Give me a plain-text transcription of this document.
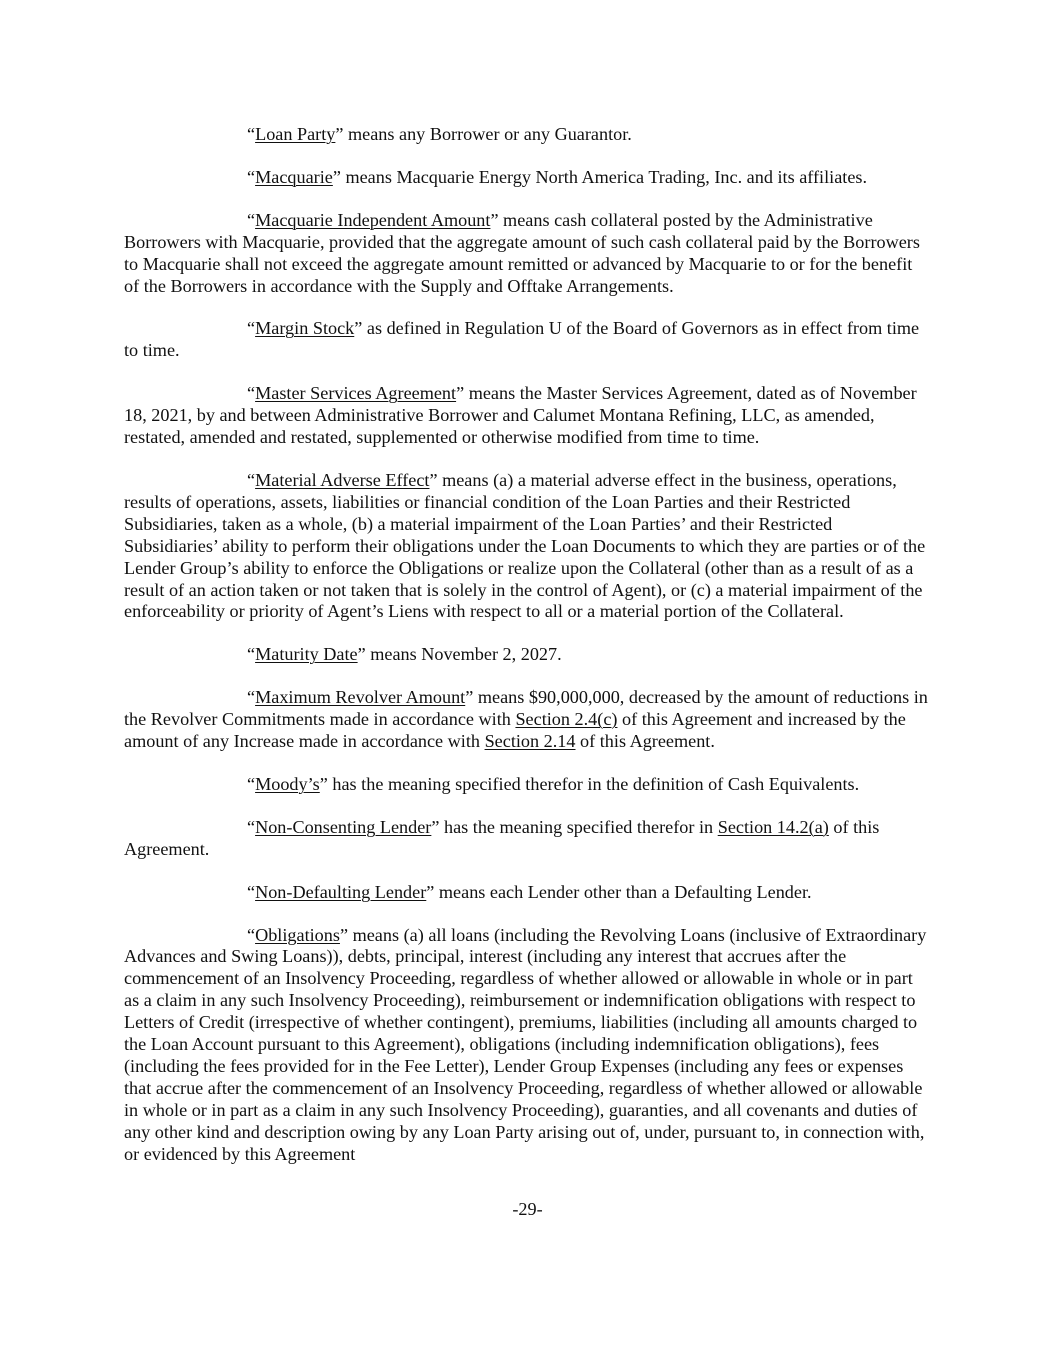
“Loan Party” means any Borrower or any Guarantor.

“Macquarie” means Macquarie Energy North America Trading, Inc. and its affiliates.

“Macquarie Independent Amount” means cash collateral posted by the Administrative Borrowers with Macquarie, provided that the aggregate amount of such cash collateral paid by the Borrowers to Macquarie shall not exceed the aggregate amount remitted or advanced by Macquarie to or for the benefit of the Borrowers in accordance with the Supply and Offtake Arrangements.

“Margin Stock” as defined in Regulation U of the Board of Governors as in effect from time to time.

“Master Services Agreement” means the Master Services Agreement, dated as of November 18, 2021, by and between Administrative Borrower and Calumet Montana Refining, LLC, as amended, restated, amended and restated, supplemented or otherwise modified from time to time.

“Material Adverse Effect” means (a) a material adverse effect in the business, operations, results of operations, assets, liabilities or financial condition of the Loan Parties and their Restricted Subsidiaries, taken as a whole, (b) a material impairment of the Loan Parties’ and their Restricted Subsidiaries’ ability to perform their obligations under the Loan Documents to which they are parties or of the Lender Group’s ability to enforce the Obligations or realize upon the Collateral (other than as a result of as a result of an action taken or not taken that is solely in the control of Agent), or (c) a material impairment of the enforceability or priority of Agent’s Liens with respect to all or a material portion of the Collateral.

“Maturity Date” means November 2, 2027.

“Maximum Revolver Amount” means $90,000,000, decreased by the amount of reductions in the Revolver Commitments made in accordance with Section 2.4(c) of this Agreement and increased by the amount of any Increase made in accordance with Section 2.14 of this Agreement.

“Moody’s” has the meaning specified therefor in the definition of Cash Equivalents.

“Non-Consenting Lender” has the meaning specified therefor in Section 14.2(a) of this Agreement.

“Non-Defaulting Lender” means each Lender other than a Defaulting Lender.

“Obligations” means (a) all loans (including the Revolving Loans (inclusive of Extraordinary Advances and Swing Loans)), debts, principal, interest (including any interest that accrues after the commencement of an Insolvency Proceeding, regardless of whether allowed or allowable in whole or in part as a claim in any such Insolvency Proceeding), reimbursement or indemnification obligations with respect to Letters of Credit (irrespective of whether contingent), premiums, liabilities (including all amounts charged to the Loan Account pursuant to this Agreement), obligations (including indemnification obligations), fees (including the fees provided for in the Fee Letter), Lender Group Expenses (including any fees or expenses that accrue after the commencement of an Insolvency Proceeding, regardless of whether allowed or allowable in whole or in part as a claim in any such Insolvency Proceeding), guaranties, and all covenants and duties of any other kind and description owing by any Loan Party arising out of, under, pursuant to, in connection with, or evidenced by this Agreement

-29-
